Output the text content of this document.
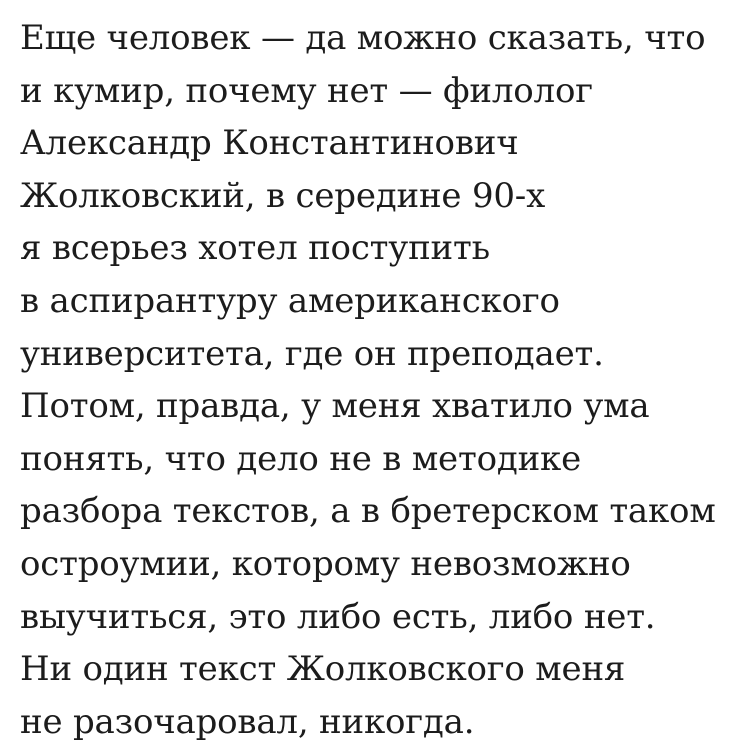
Еще человек — да можно сказать, что
и кумир, почему нет — филолог
Александр Константинович
Жолковский, в середине 90-х
я всерьез хотел поступить
в аспирантуру американского
университета, где он преподает.
Потом, правда, у меня хватило ума
понять, что дело не в методике
разбора текстов, а в бретерском таком
остроумии, которому невозможно
выучиться, это либо есть, либо нет.
Ни один текст Жолковского меня
не разочаровал, никогда.
